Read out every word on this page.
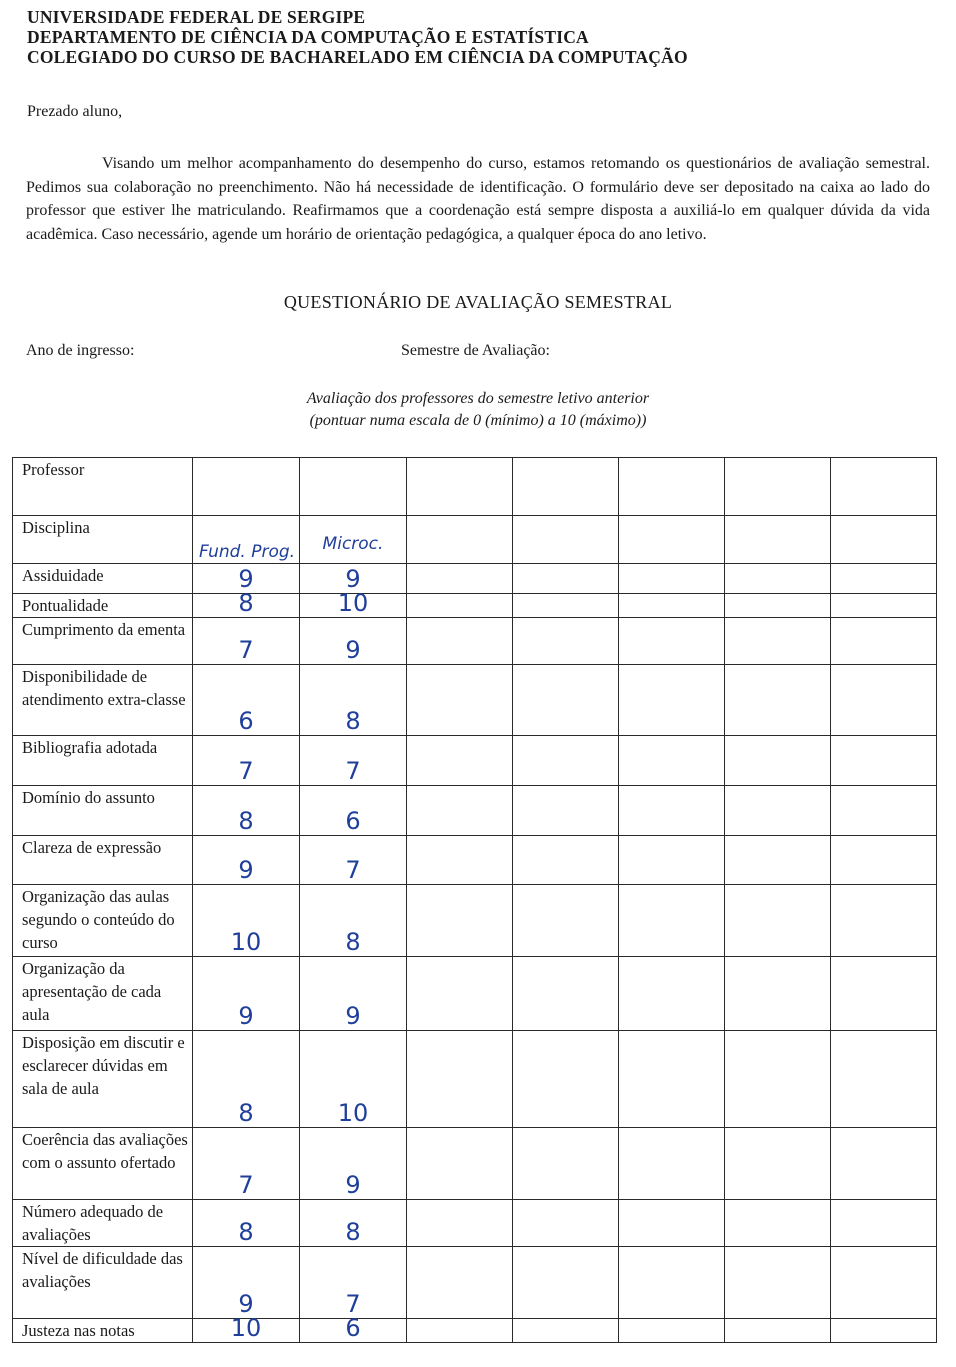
UNIVERSIDADE FEDERAL DE SERGIPE
DEPARTAMENTO DE CIÊNCIA DA COMPUTAÇÃO E ESTATÍSTICA
COLEGIADO DO CURSO DE BACHARELADO EM CIÊNCIA DA COMPUTAÇÃO
Prezado aluno,
Visando um melhor acompanhamento do desempenho do curso, estamos retomando os questionários de avaliação semestral. Pedimos sua colaboração no preenchimento. Não há necessidade de identificação. O formulário deve ser depositado na caixa ao lado do professor que estiver lhe matriculando. Reafirmamos que a coordenação está sempre disposta a auxiliá-lo em qualquer dúvida da vida acadêmica. Caso necessário, agende um horário de orientação pedagógica, a qualquer época do ano letivo.
QUESTIONÁRIO DE AVALIAÇÃO SEMESTRAL
Ano de ingresso:	Semestre de Avaliação:
Avaliação dos professores do semestre letivo anterior
(pontuar numa escala de 0 (mínimo) a 10 (máximo))
Professor	

Disciplina	Fund. Prog.	Microc.					

Assiduidade	9	9					

Pontualidade	8	10					

Cumprimento da ementa	7	9					

Disponibilidade de atendimento extra-classe	6	8					

Bibliografia adotada	7	7					

Domínio do assunto	8	6					

Clareza de expressão	9	7					

Organização das aulas segundo o conteúdo do curso	10	8					

Organização da apresentação de cada aula	9	9					

Disposição em discutir e esclarecer dúvidas em sala de aula	8	10					

Coerência das avaliações com o assunto ofertado	7	9					

Número adequado de avaliações	8	8					

Nível de dificuldade das avaliações	9	7					

Justeza nas notas	10	6					
